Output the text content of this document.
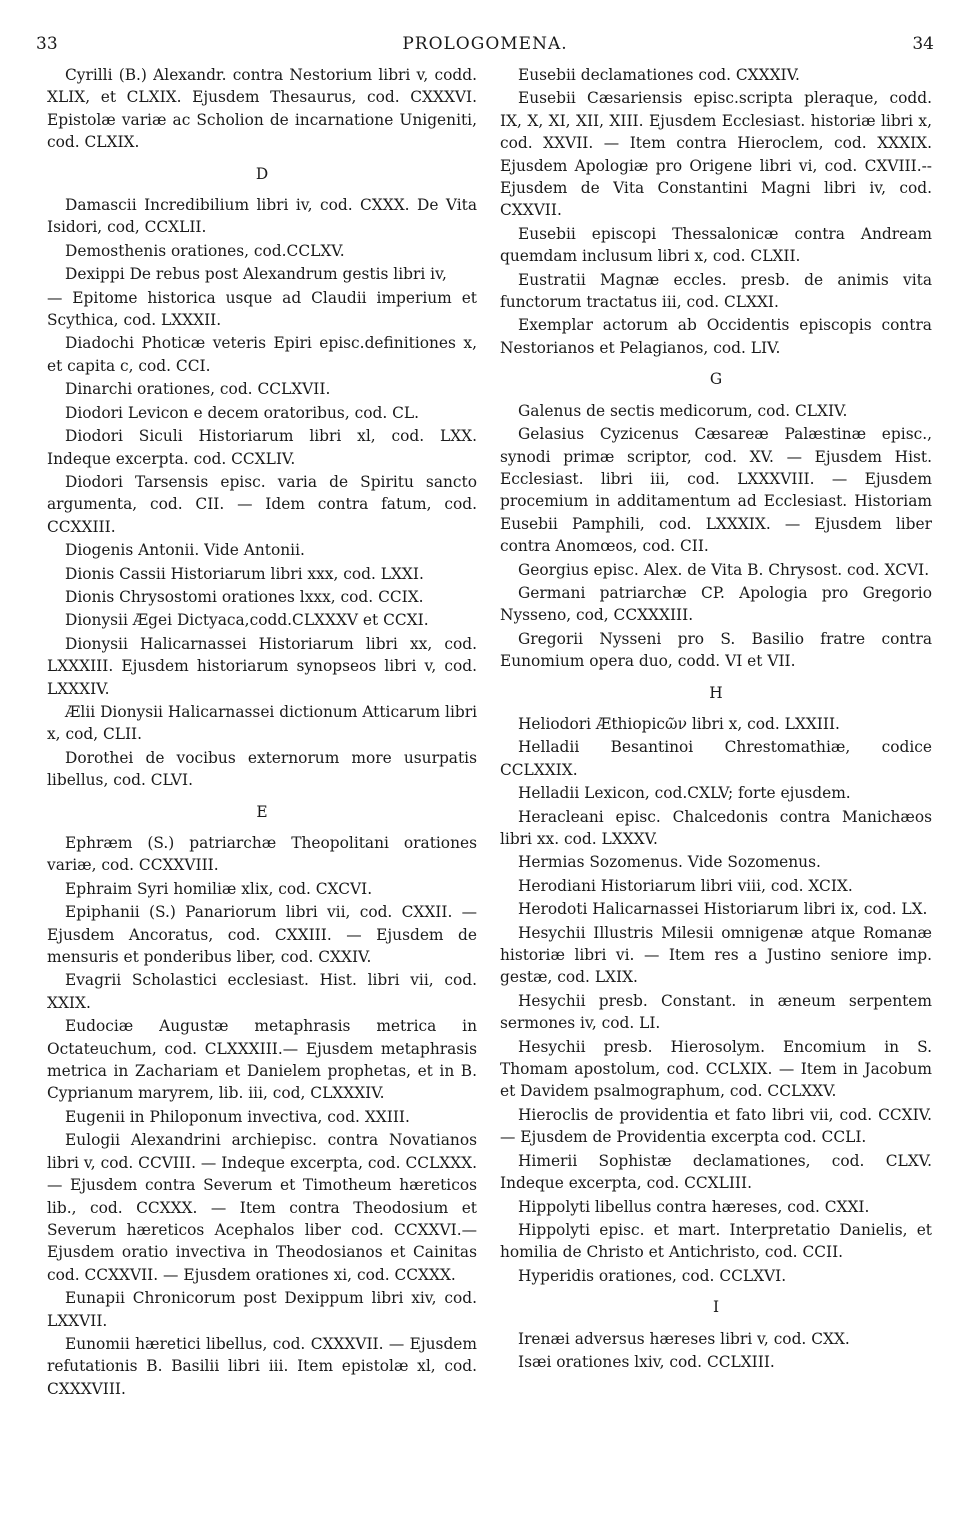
33	PROLOGOMENA.	34

Cyrilli (B.) Alexandr. contra Nestorium libri v, codd. XLIX, et CLXIX. Ejusdem Thesaurus, cod. CXXXVI. Epistolæ variæ ac Scholion de incarnatione Unigeniti, cod. CLXIX.

D

Damascii Incredibilium libri iv, cod. CXXX. De Vita Isidori, cod, CCXLII.

Demosthenis orationes, cod.CCLXV.

Dexippi De rebus post Alexandrum gestis libri iv,

— Epitome historica usque ad Claudii imperium et Scythica, cod. LXXXII.

Diadochi Photicæ veteris Epiri episc.definitiones x, et capita c, cod. CCI.

Dinarchi orationes, cod. CCLXVII.

Diodori Levicon e decem oratoribus, cod. CL.

Diodori Siculi Historiarum libri xl, cod. LXX. Indeque excerpta. cod. CCXLIV.

Diodori Tarsensis episc. varia de Spiritu sancto argumenta, cod. CII. — Idem contra fatum, cod. CCXXIII.

Diogenis Antonii. Vide Antonii.

Dionis Cassii Historiarum libri xxx, cod. LXXI.

Dionis Chrysostomi orationes lxxx, cod. CCIX.

Dionysii Ægei Dictyaca,codd.CLXXXV et CCXI.

Dionysii Halicarnassei Historiarum libri xx, cod. LXXXIII. Ejusdem historiarum synopseos libri v, cod. LXXXIV.

Ælii Dionysii Halicarnassei dictionum Atticarum libri x, cod, CLII.

Dorothei de vocibus externorum more usurpatis libellus, cod. CLVI.

E

Ephræm (S.) patriarchæ Theopolitani orationes variæ, cod. CCXXVIII.

Ephraim Syri homiliæ xlix, cod. CXCVI.

Epiphanii (S.) Panariorum libri vii, cod. CXXII. —Ejusdem Ancoratus, cod. CXXIII. — Ejusdem de mensuris et ponderibus liber, cod. CXXIV.

Evagrii Scholastici ecclesiast. Hist. libri vii, cod. XXIX.

Eudociæ Augustæ metaphrasis metrica in Octateuchum, cod. CLXXXIII.— Ejusdem metaphrasis metrica in Zachariam et Danielem prophetas, et in B. Cyprianum maryrem, lib. iii, cod, CLXXXIV.

Eugenii in Philoponum invectiva, cod. XXIII.

Eulogii Alexandrini archiepisc. contra Novatianos libri v, cod. CCVIII. — Indeque excerpta, cod. CCLXXX. — Ejusdem contra Severum et Timotheum hæreticos lib., cod. CCXXX. — Item contra Theodosium et Severum hæreticos Acephalos liber cod. CCXXVI.— Ejusdem oratio invectiva in Theodosianos et Cainitas cod. CCXXVII. — Ejusdem orationes xi, cod. CCXXX.

Eunapii Chronicorum post Dexippum libri xiv, cod. LXXVII.

Eunomii hæretici libellus, cod. CXXXVII. — Ejusdem refutationis B. Basilii libri iii. Item epistolæ xl, cod. CXXXVIII.

Eusebii declamationes cod. CXXXIV.

Eusebii Cæsariensis episc.scripta pleraque, codd. IX, X, XI, XII, XIII. Ejusdem Ecclesiast. historiæ libri x, cod. XXVII. — Item contra Hieroclem, cod. XXXIX. Ejusdem Apologiæ pro Origene libri vi, cod. CXVIII.--Ejusdem de Vita Constantini Magni libri iv, cod. CXXVII.

Eusebii episcopi Thessalonicæ contra Andream quemdam inclusum libri x, cod. CLXII.

Eustratii Magnæ eccles. presb. de animis vita functorum tractatus iii, cod. CLXXI.

Exemplar actorum ab Occidentis episcopis contra Nestorianos et Pelagianos, cod. LIV.

G

Galenus de sectis medicorum, cod. CLXIV.

Gelasius Cyzicenus Cæsareæ Palæstinæ episc., synodi primæ scriptor, cod. XV. — Ejusdem Hist. Ecclesiast. libri iii, cod. LXXXVIII. — Ejusdem procemium in additamentum ad Ecclesiast. Historiam Eusebii Pamphili, cod. LXXXIX. — Ejusdem liber contra Anomœos, cod. CII.

Georgius episc. Alex. de Vita B. Chrysost. cod. XCVI.

Germani patriarchæ CP. Apologia pro Gregorio Nysseno, cod, CCXXXIII.

Gregorii Nysseni pro S. Basilio fratre contra Eunomium opera duo, codd. VI et VII.

H

Heliodori Æthiopicῶν libri x, cod. LXXIII.

Helladii Besantinoi Chrestomathiæ, codice CCLXXIX.

Helladii Lexicon, cod.CXLV; forte ejusdem.

Heracleani episc. Chalcedonis contra Manichæos libri xx. cod. LXXXV.

Hermias Sozomenus. Vide Sozomenus.

Herodiani Historiarum libri viii, cod. XCIX.

Herodoti Halicarnassei Historiarum libri ix, cod. LX.

Hesychii Illustris Milesii omnigenæ atque Romanæ historiæ libri vi. — Item res a Justino seniore imp. gestæ, cod. LXIX.

Hesychii presb. Constant. in æneum serpentem sermones iv, cod. LI.

Hesychii presb. Hierosolym. Encomium in S. Thomam apostolum, cod. CCLXIX. — Item in Jacobum et Davidem psalmographum, cod. CCLXXV.

Hieroclis de providentia et fato libri vii, cod. CCXIV. — Ejusdem de Providentia excerpta cod. CCLI.

Himerii Sophistæ declamationes, cod. CLXV. Indeque excerpta, cod. CCXLIII.

Hippolyti libellus contra hæreses, cod. CXXI.

Hippolyti episc. et mart. Interpretatio Danielis, et homilia de Christo et Antichristo, cod. CCII.

Hyperidis orationes, cod. CCLXVI.

I

Irenæi adversus hæreses libri v, cod. CXX.

Isæi orationes lxiv, cod. CCLXIII.
